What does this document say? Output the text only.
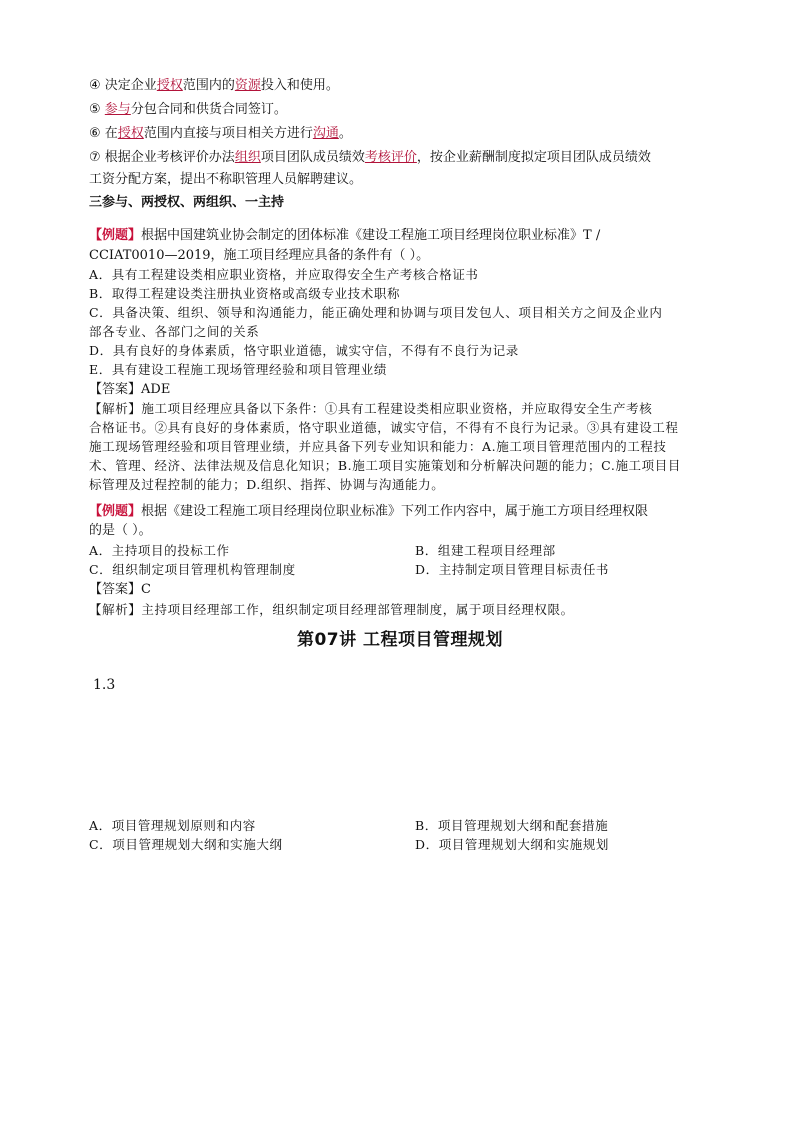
④ 决定企业授权范围内的资源投入和使用。
⑤ 参与分包合同和供货合同签订。
⑥ 在授权范围内直接与项目相关方进行沟通。
⑦ 根据企业考核评价办法组织项目团队成员绩效考核评价，按企业薪酬制度拟定项目团队成员绩效
工资分配方案，提出不称职管理人员解聘建议。
三参与、两授权、两组织、一主持
【例题】根据中国建筑业协会制定的团体标准《建设工程施工项目经理岗位职业标准》T /
CCIAT0010—2019，施工项目经理应具备的条件有（ ）。
A．具有工程建设类相应职业资格，并应取得安全生产考核合格证书
B．取得工程建设类注册执业资格或高级专业技术职称
C．具备决策、组织、领导和沟通能力，能正确处理和协调与项目发包人、项目相关方之间及企业内
部各专业、各部门之间的关系
D．具有良好的身体素质，恪守职业道德，诚实守信，不得有不良行为记录
E．具有建设工程施工现场管理经验和项目管理业绩
【答案】ADE
【解析】施工项目经理应具备以下条件：①具有工程建设类相应职业资格，并应取得安全生产考核
合格证书。②具有良好的身体素质，恪守职业道德，诚实守信，不得有不良行为记录。③具有建设工程
施工现场管理经验和项目管理业绩，并应具备下列专业知识和能力：A.施工项目管理范围内的工程技
术、管理、经济、法律法规及信息化知识；B.施工项目实施策划和分析解决问题的能力；C.施工项目目
标管理及过程控制的能力；D.组织、指挥、协调与沟通能力。
【例题】根据《建设工程施工项目经理岗位职业标准》下列工作内容中，属于施工方项目经理权限
的是（ ）。
A．主持项目的投标工作	B．组建工程项目经理部
C．组织制定项目管理机构管理制度	D．主持制定项目管理目标责任书
【答案】C
【解析】主持项目经理部工作，组织制定项目经理部管理制度，属于项目经理权限。
第07讲 工程项目管理规划
1.3
A．项目管理规划原则和内容	B．项目管理规划大纲和配套措施
C．项目管理规划大纲和实施大纲	D．项目管理规划大纲和实施规划
